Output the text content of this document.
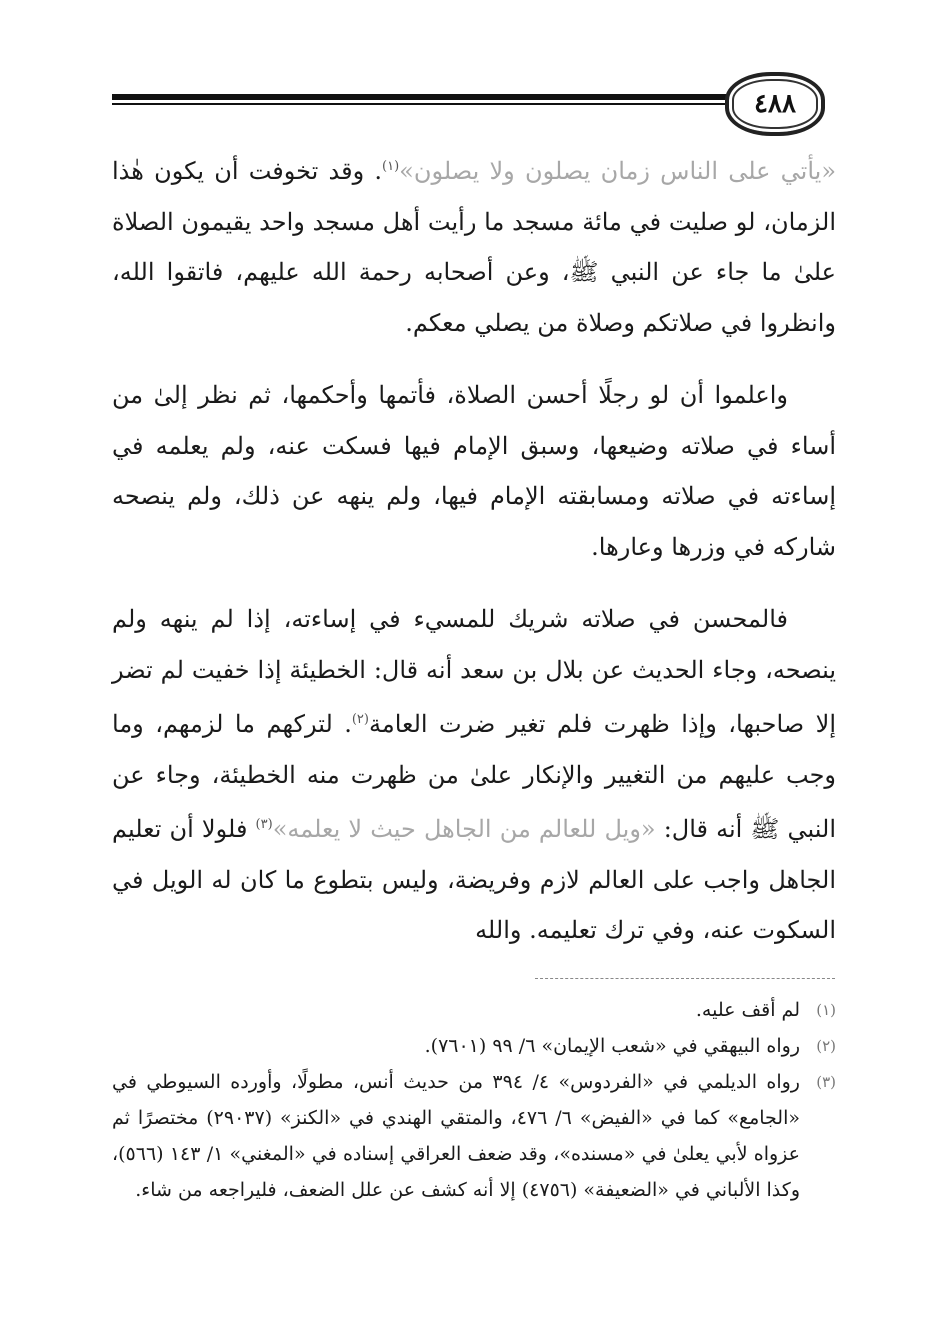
٤٨٨

«يأتي على الناس زمان يصلون ولا يصلون»$^{(١)}$. وقد تخوفت أن يكون هٰذا الزمان، لو صليت في مائة مسجد ما رأيت أهل مسجد واحد يقيمون الصلاة علىٰ ما جاء عن النبي ﷺ، وعن أصحابه رحمة الله عليهم، فاتقوا الله، وانظروا في صلاتكم وصلاة من يصلي معكم.

واعلموا أن لو رجلًا أحسن الصلاة، فأتمها وأحكمها، ثم نظر إلىٰ من أساء في صلاته وضيعها، وسبق الإمام فيها فسكت عنه، ولم يعلمه في إساءته في صلاته ومسابقته الإمام فيها، ولم ينهه عن ذلك، ولم ينصحه شاركه في وزرها وعارها.

فالمحسن في صلاته شريك للمسيء في إساءته، إذا لم ينهه ولم ينصحه، وجاء الحديث عن بلال بن سعد أنه قال: الخطيئة إذا خفيت لم تضر إلا صاحبها، وإذا ظهرت فلم تغير ضرت العامة$^{(٢)}$. لتركهم ما لزمهم، وما وجب عليهم من التغيير والإنكار علىٰ من ظهرت منه الخطيئة، وجاء عن النبي ﷺ أنه قال: «ويل للعالم من الجاهل حيث لا يعلمه»$^{(٣)}$ فلولا أن تعليم الجاهل واجب على العالم لازم وفريضة، وليس بتطوع ما كان له الويل في السكوت عنه، وفي ترك تعليمه. والله

(١)
لم أقف عليه.
(٢)
رواه البيهقي في «شعب الإيمان» ٦/ ٩٩ (٧٦٠١).
(٣)
رواه الديلمي في «الفردوس» ٤/ ٣٩٤ من حديث أنس، مطولًا، وأورده السيوطي في «الجامع» كما في «الفيض» ٦/ ٤٧٦، والمتقي الهندي في «الكنز» (٢٩٠٣٧) مختصرًا ثم عزواه لأبي يعلىٰ في «مسنده»، وقد ضعف العراقي إسناده في «المغني» ١/ ١٤٣ (٥٦٦)، وكذا الألباني في «الضعيفة» (٤٧٥٦) إلا أنه كشف عن علل الضعف، فليراجعه من شاء.
